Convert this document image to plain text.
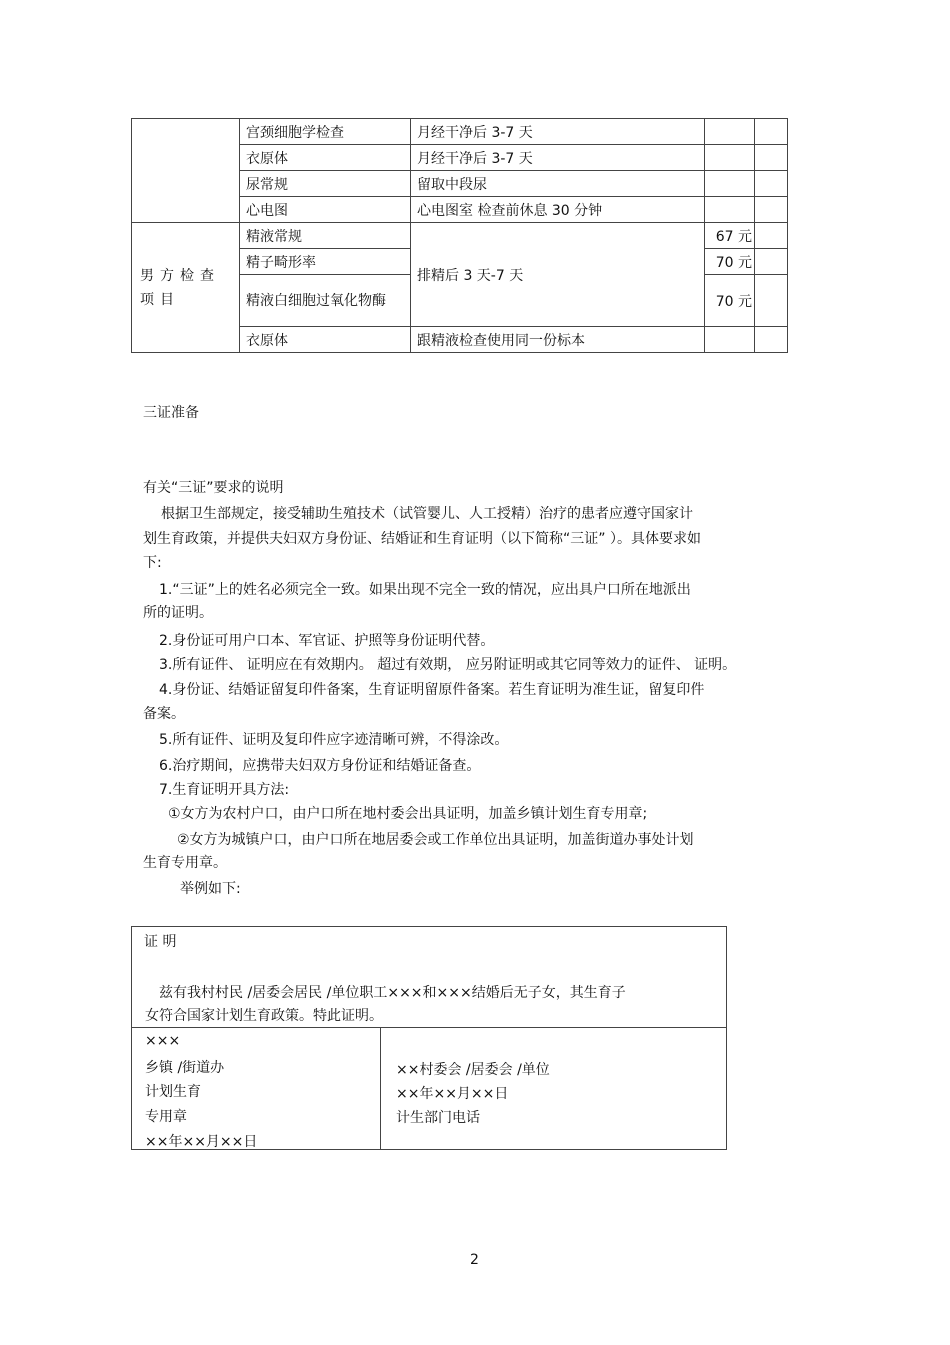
	宫颈细胞学检查	月经干净后 3-7 天		
	衣原体	月经干净后 3-7 天		
	尿常规	留取中段尿		
	心电图	心电图室 检查前休息 30 分钟		
男方检查项目	精液常规	排精后 3 天-7 天	67 元	
	精子畸形率		70 元	
	精液白细胞过氧化物酶		70 元	
	衣原体	跟精液检查使用同一份标本		
三证准备
有关“三证”要求的说明
根据卫生部规定，接受辅助生殖技术（试管婴儿、人工授精）治疗的患者应遵守国家计
划生育政策，并提供夫妇双方身份证、结婚证和生育证明（以下简称“三证” ）。具体要求如
下:
1.“三证”上的姓名必须完全一致。如果出现不完全一致的情况，应出具户口所在地派出
所的证明。
2.身份证可用户口本、军官证、护照等身份证明代替。
3.所有证件、 证明应在有效期内。 超过有效期， 应另附证明或其它同等效力的证件、 证明。
4.身份证、结婚证留复印件备案，生育证明留原件备案。若生育证明为准生证，留复印件
备案。
5.所有证件、证明及复印件应字迹清晰可辨，不得涂改。
6.治疗期间，应携带夫妇双方身份证和结婚证备查。
7.生育证明开具方法:
①女方为农村户口，由户口所在地村委会出具证明，加盖乡镇计划生育专用章;
②女方为城镇户口，由户口所在地居委会或工作单位出具证明，加盖街道办事处计划
生育专用章。
举例如下:
证 明
兹有我村村民 /居委会居民 /单位职工×××和×××结婚后无子女，其生育子
女符合国家计划生育政策。特此证明。
×××
乡镇 /街道办
计划生育
专用章
××年××月××日
××村委会 /居委会 /单位
××年××月××日
计生部门电话
2
